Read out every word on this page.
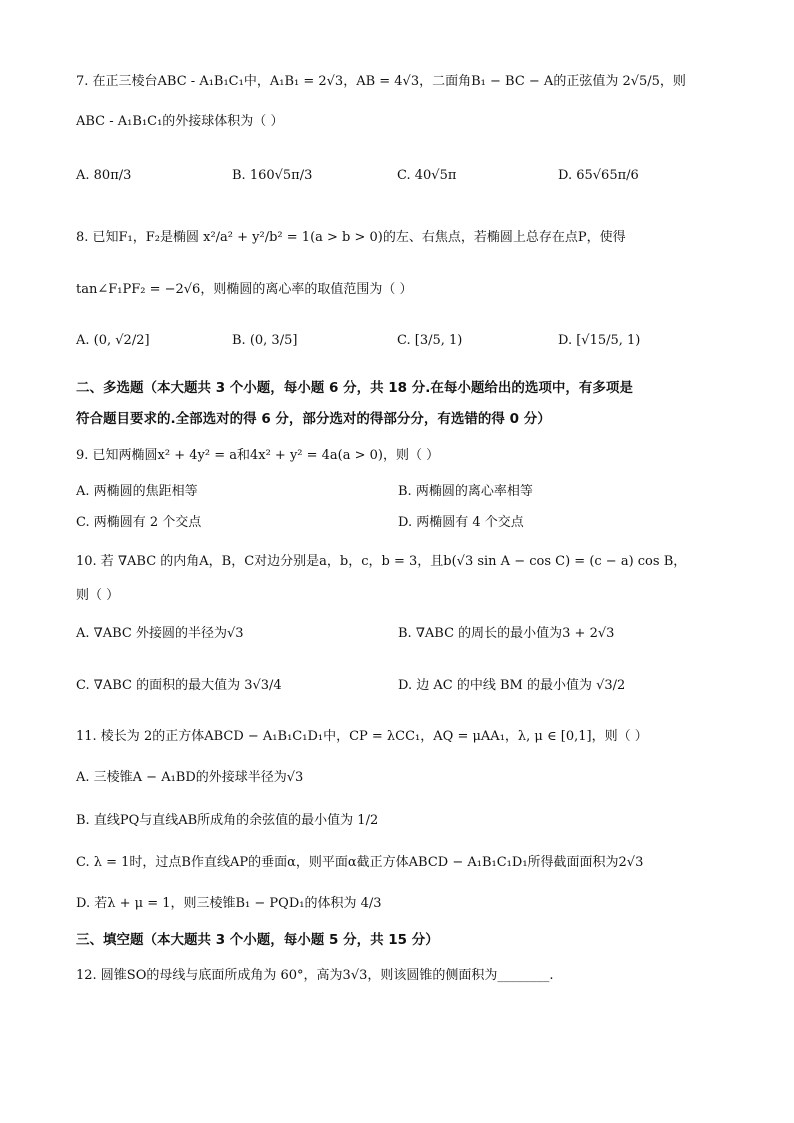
7. 在正三棱台ABC - A₁B₁C₁中，A₁B₁ = 2√3，AB = 4√3，二面角B₁ − BC − A的正弦值为 2√5/5，则
ABC - A₁B₁C₁的外接球体积为（ ）
A. 80π/3	B. 160√5π/3	C. 40√5π	D. 65√65π/6
8. 已知F₁，F₂是椭圆 x²/a² + y²/b² = 1(a > b > 0)的左、右焦点，若椭圆上总存在点P，使得
tan∠F₁PF₂ = −2√6，则椭圆的离心率的取值范围为（ ）
A. (0, √2/2]	B. (0, 3/5]	C. [3/5, 1)	D. [√15/5, 1)
二、多选题（本大题共 3 个小题，每小题 6 分，共 18 分.在每小题给出的选项中，有多项是
符合题目要求的.全部选对的得 6 分，部分选对的得部分分，有选错的得 0 分）
9. 已知两椭圆x² + 4y² = a和4x² + y² = 4a(a > 0)，则（ ）
A. 两椭圆的焦距相等	B. 两椭圆的离心率相等
C. 两椭圆有 2 个交点	D. 两椭圆有 4 个交点
10. 若 ∇ABC 的内角A，B，C对边分别是a，b，c，b = 3，且b(√3 sin A − cos C) = (c − a) cos B，
则（ ）
A. ∇ABC 外接圆的半径为√3	B. ∇ABC 的周长的最小值为3 + 2√3
C. ∇ABC 的面积的最大值为 3√3/4	D. 边 AC 的中线 BM 的最小值为 √3/2
11. 棱长为 2的正方体ABCD − A₁B₁C₁D₁中，CP = λCC₁，AQ = μAA₁，λ, μ ∈ [0,1]，则（ ）
A. 三棱锥A − A₁BD的外接球半径为√3
B. 直线PQ与直线AB所成角的余弦值的最小值为 1/2
C. λ = 1时，过点B作直线AP的垂面α，则平面α截正方体ABCD − A₁B₁C₁D₁所得截面面积为2√3
D. 若λ + μ = 1，则三棱锥B₁ − PQD₁的体积为 4/3
三、填空题（本大题共 3 个小题，每小题 5 分，共 15 分）
12. 圆锥SO的母线与底面所成角为 60°，高为3√3，则该圆锥的侧面积为________.
